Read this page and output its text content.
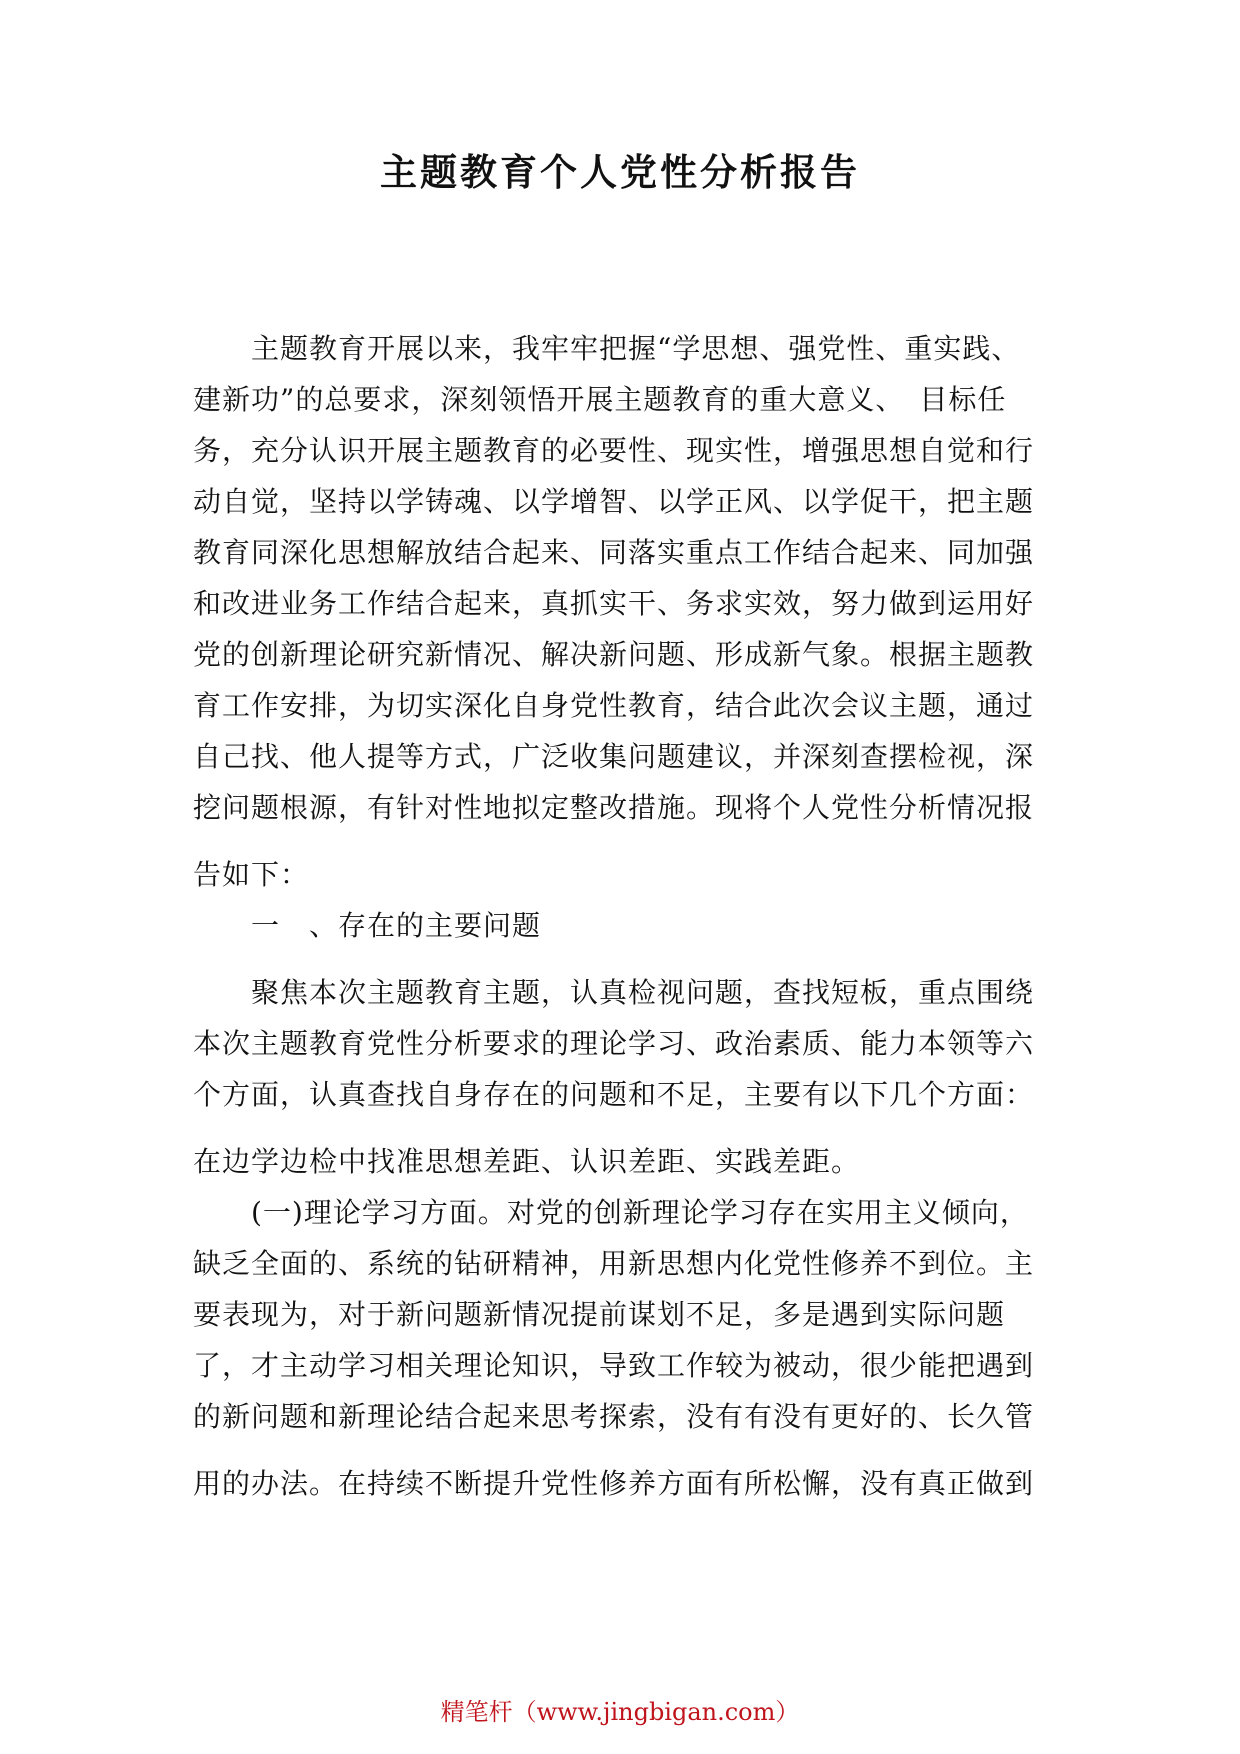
主题教育个人党性分析报告
　　主题教育开展以来，我牢牢把握“学思想、强党性、重实践、
建新功”的总要求，深刻领悟开展主题教育的重大意义、　目标任
务，充分认识开展主题教育的必要性、现实性，增强思想自觉和行
动自觉，坚持以学铸魂、以学增智、以学正风、以学促干，把主题
教育同深化思想解放结合起来、同落实重点工作结合起来、同加强
和改进业务工作结合起来，真抓实干、务求实效，努力做到运用好
党的创新理论研究新情况、解决新问题、形成新气象。根据主题教
育工作安排，为切实深化自身党性教育，结合此次会议主题，通过
自己找、他人提等方式，广泛收集问题建议，并深刻查摆检视，深
挖问题根源，有针对性地拟定整改措施。现将个人党性分析情况报
告如下：
　　一　、存在的主要问题
　　聚焦本次主题教育主题，认真检视问题，查找短板，重点围绕
本次主题教育党性分析要求的理论学习、政治素质、能力本领等六
个方面，认真查找自身存在的问题和不足，主要有以下几个方面：
在边学边检中找准思想差距、认识差距、实践差距。
　　(一)理论学习方面。对党的创新理论学习存在实用主义倾向，
缺乏全面的、系统的钻研精神，用新思想内化党性修养不到位。主
要表现为，对于新问题新情况提前谋划不足，多是遇到实际问题
了，才主动学习相关理论知识，导致工作较为被动，很少能把遇到
的新问题和新理论结合起来思考探索，没有有没有更好的、长久管
用的办法。在持续不断提升党性修养方面有所松懈，没有真正做到
精笔杆（www.jingbigan.com）
